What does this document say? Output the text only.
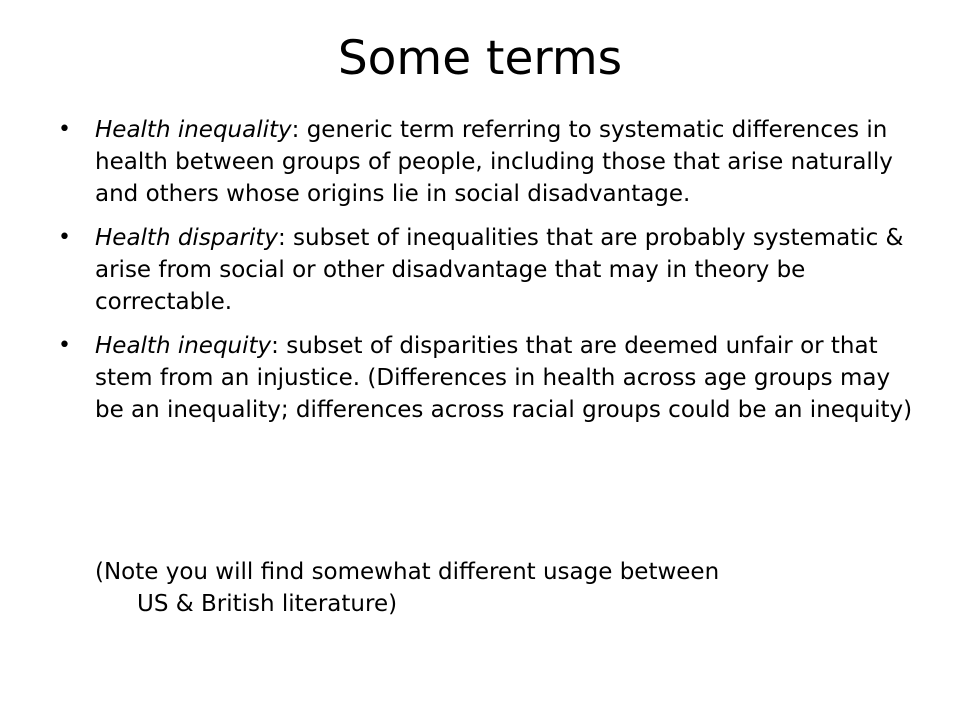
Some terms
•	Health inequality: generic term referring to systematic differences in health between groups of people, including those that arise naturally and others whose origins lie in social disadvantage.
•	Health disparity: subset of inequalities that are probably systematic & arise from social or other disadvantage that may in theory be correctable.
•	Health inequity: subset of disparities that are deemed unfair or that stem from an injustice. (Differences in health across age groups may be an inequality; differences across racial groups could be an inequity)
(Note you will find somewhat different usage between
US & British literature)
